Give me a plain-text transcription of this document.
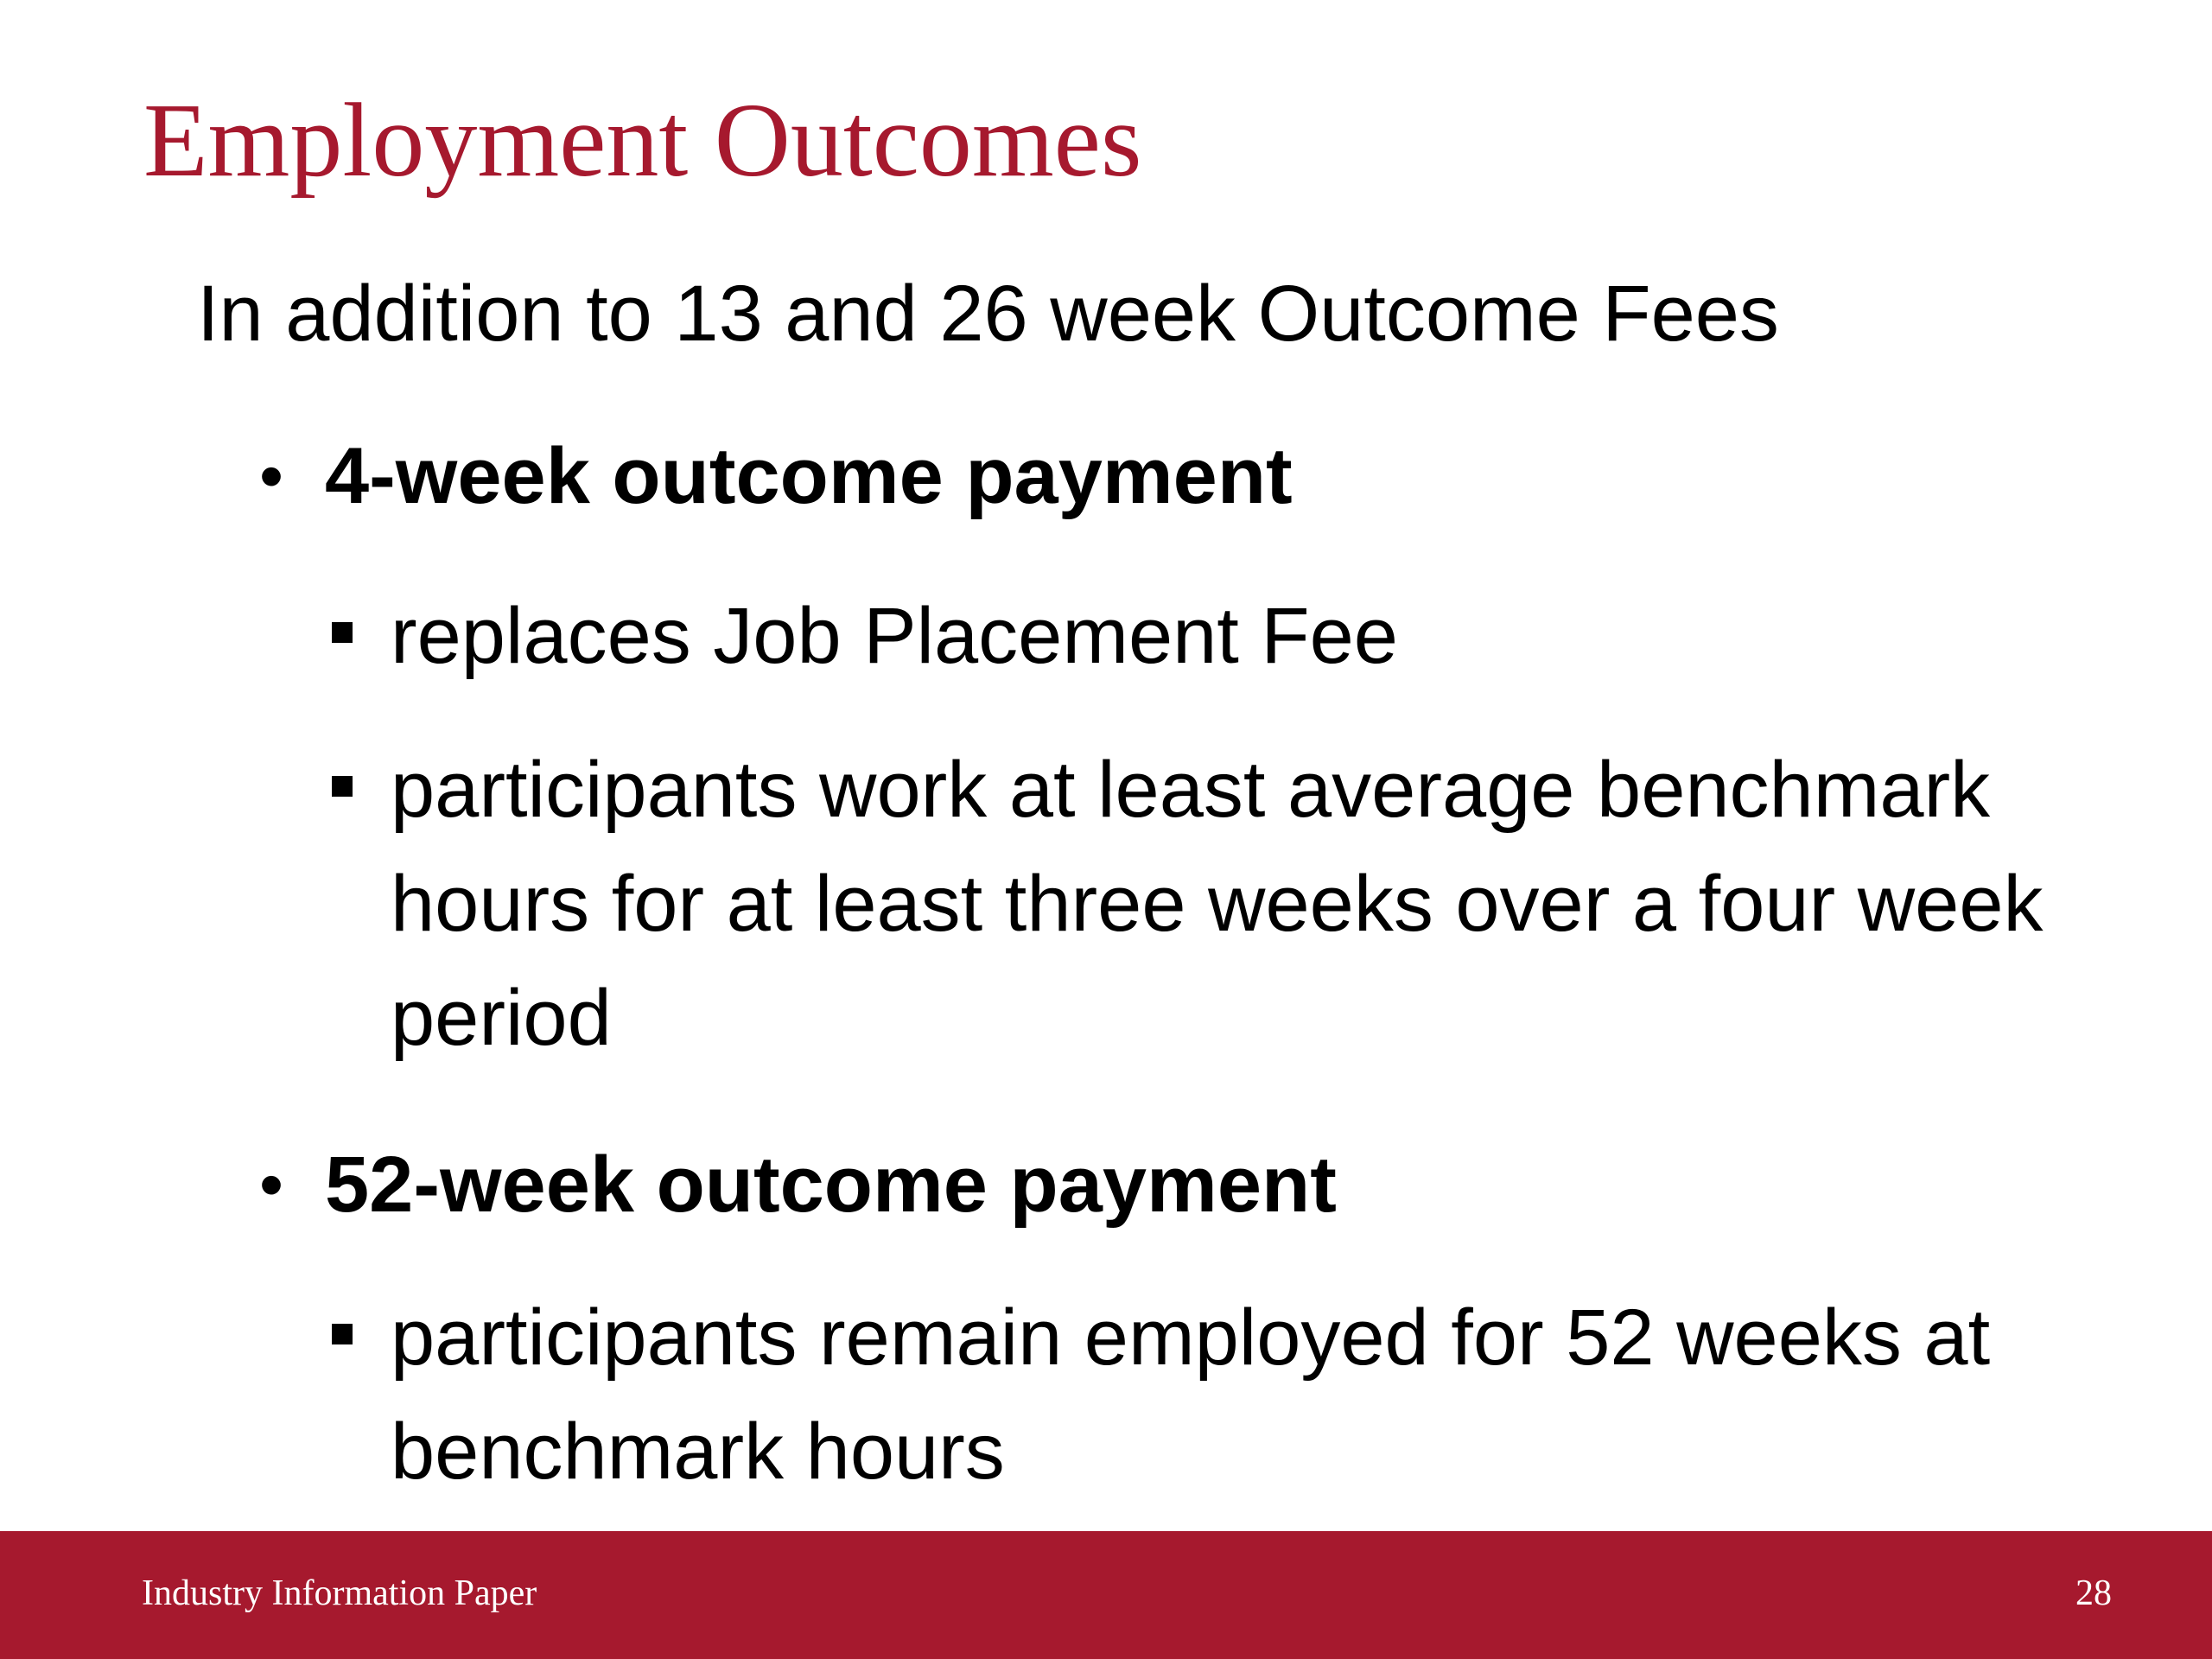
Employment Outcomes

In addition to 13 and 26 week Outcome Fees

• 4-week outcome payment
replaces Job Placement Fee
participants work at least average benchmark hours for at least three weeks over a four week period
• 52-week outcome payment
participants remain employed for 52 weeks at benchmark hours
Industry Information Paper	28
